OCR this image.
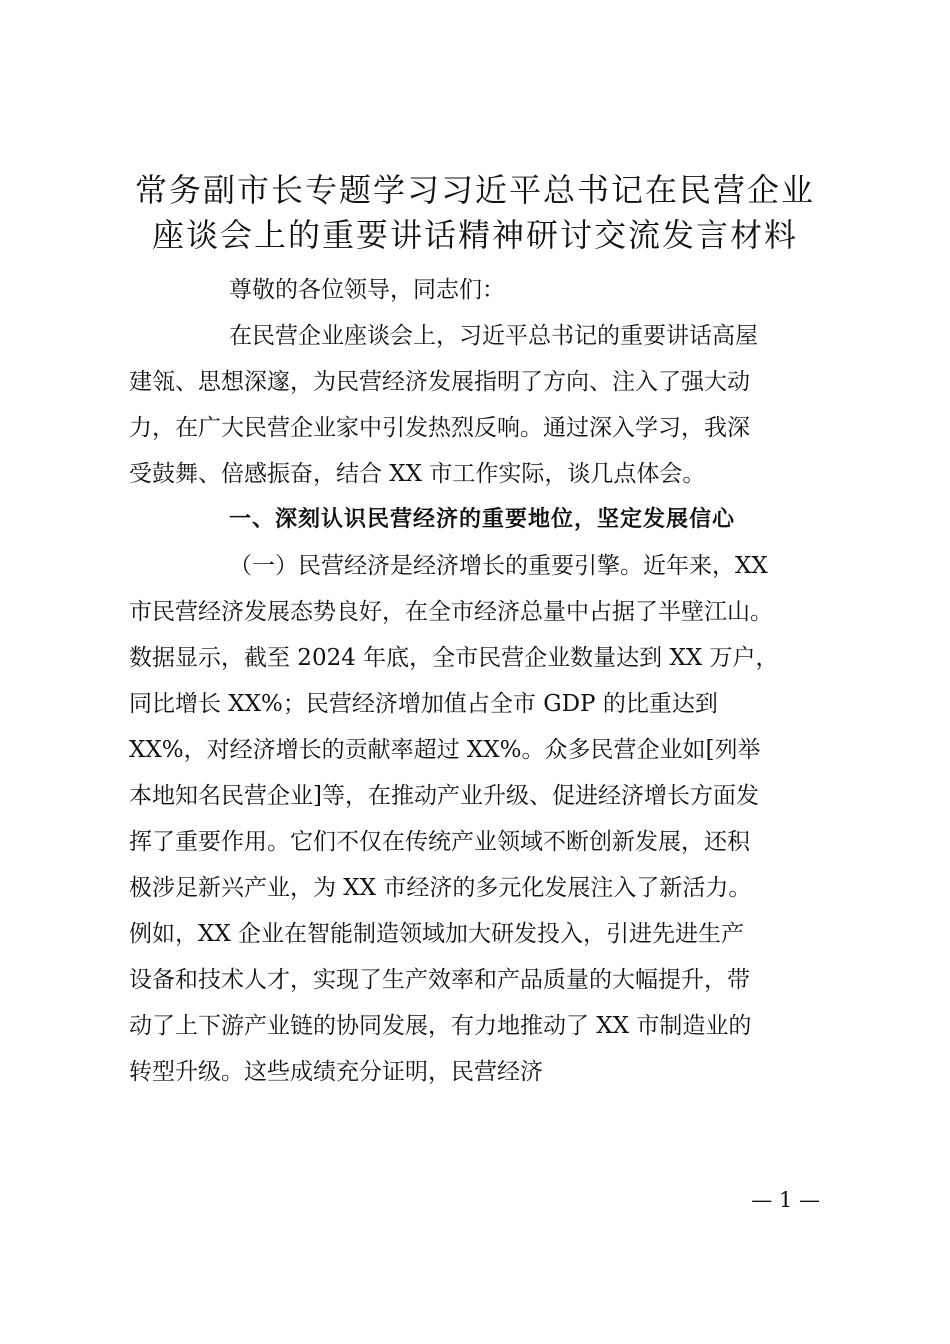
常务副市长专题学习习近平总书记在民营企业
座谈会上的重要讲话精神研讨交流发言材料

尊敬的各位领导，同志们：

在民营企业座谈会上，习近平总书记的重要讲话高屋
建瓴、思想深邃，为民营经济发展指明了方向、注入了强大动
力，在广大民营企业家中引发热烈反响。通过深入学习，我深
受鼓舞、倍感振奋，结合 XX 市工作实际，谈几点体会。

一、深刻认识民营经济的重要地位，坚定发展信心

（一）民营经济是经济增长的重要引擎。近年来，XX
市民营经济发展态势良好，在全市经济总量中占据了半壁江山。
数据显示，截至 2024 年底，全市民营企业数量达到 XX 万户，
同比增长 XX%；民营经济增加值占全市 GDP 的比重达到
XX%，对经济增长的贡献率超过 XX%。众多民营企业如[列举
本地知名民营企业]等，在推动产业升级、促进经济增长方面发
挥了重要作用。它们不仅在传统产业领域不断创新发展，还积
极涉足新兴产业，为 XX 市经济的多元化发展注入了新活力。
例如，XX 企业在智能制造领域加大研发投入，引进先进生产
设备和技术人才，实现了生产效率和产品质量的大幅提升，带
动了上下游产业链的协同发展，有力地推动了 XX 市制造业的
转型升级。这些成绩充分证明，民营经济

— 1 —
